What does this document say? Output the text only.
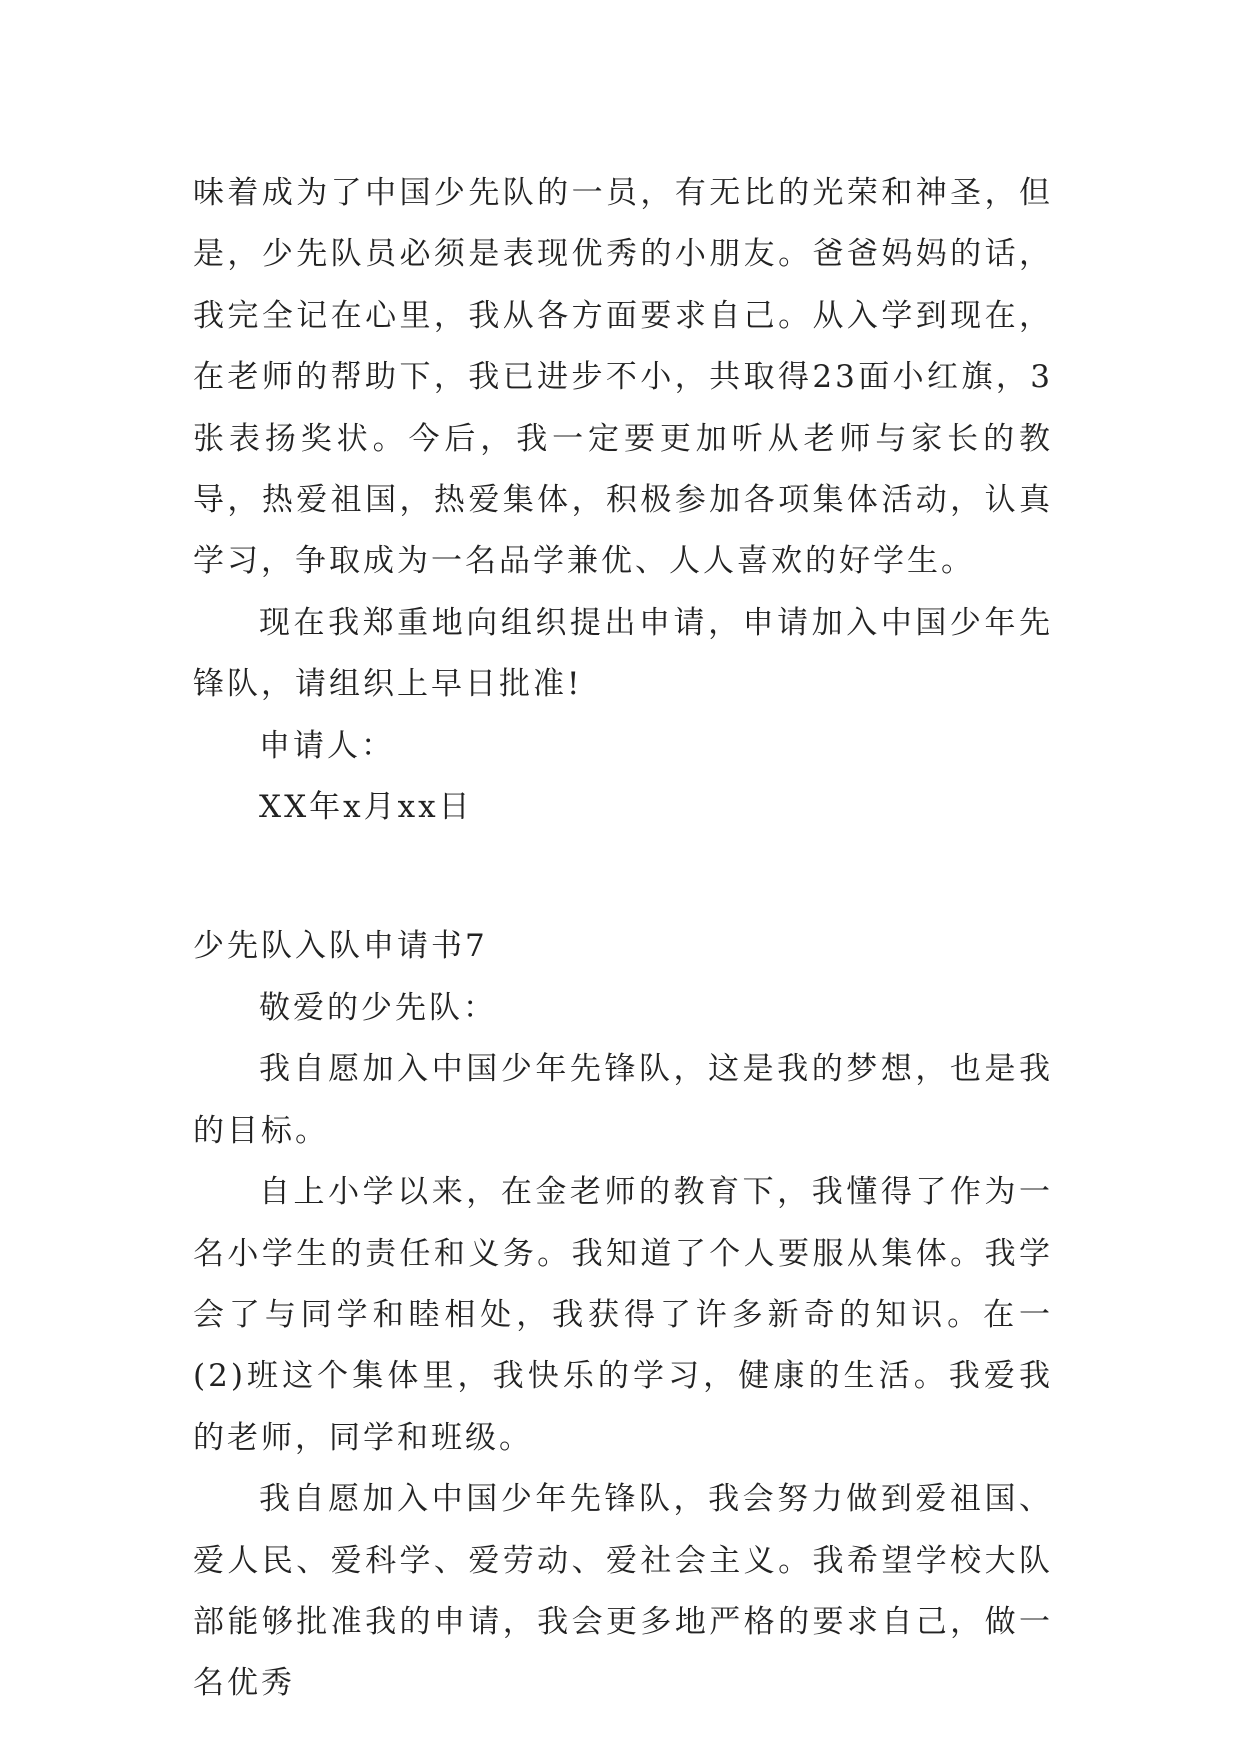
味着成为了中国少先队的一员，有无比的光荣和神圣，但是，少先队员必须是表现优秀的小朋友。爸爸妈妈的话，我完全记在心里，我从各方面要求自己。从入学到现在，在老师的帮助下，我已进步不小，共取得23面小红旗，3张表扬奖状。今后，我一定要更加听从老师与家长的教导，热爱祖国，热爱集体，积极参加各项集体活动，认真学习，争取成为一名品学兼优、人人喜欢的好学生。

现在我郑重地向组织提出申请，申请加入中国少年先锋队，请组织上早日批准!

申请人：

XX年x月xx日

少先队入队申请书7

敬爱的少先队：

我自愿加入中国少年先锋队，这是我的梦想，也是我的目标。

自上小学以来，在金老师的教育下，我懂得了作为一名小学生的责任和义务。我知道了个人要服从集体。我学会了与同学和睦相处，我获得了许多新奇的知识。在一(2)班这个集体里，我快乐的学习，健康的生活。我爱我的老师，同学和班级。

我自愿加入中国少年先锋队，我会努力做到爱祖国、爱人民、爱科学、爱劳动、爱社会主义。我希望学校大队部能够批准我的申请，我会更多地严格的要求自己，做一名优秀
